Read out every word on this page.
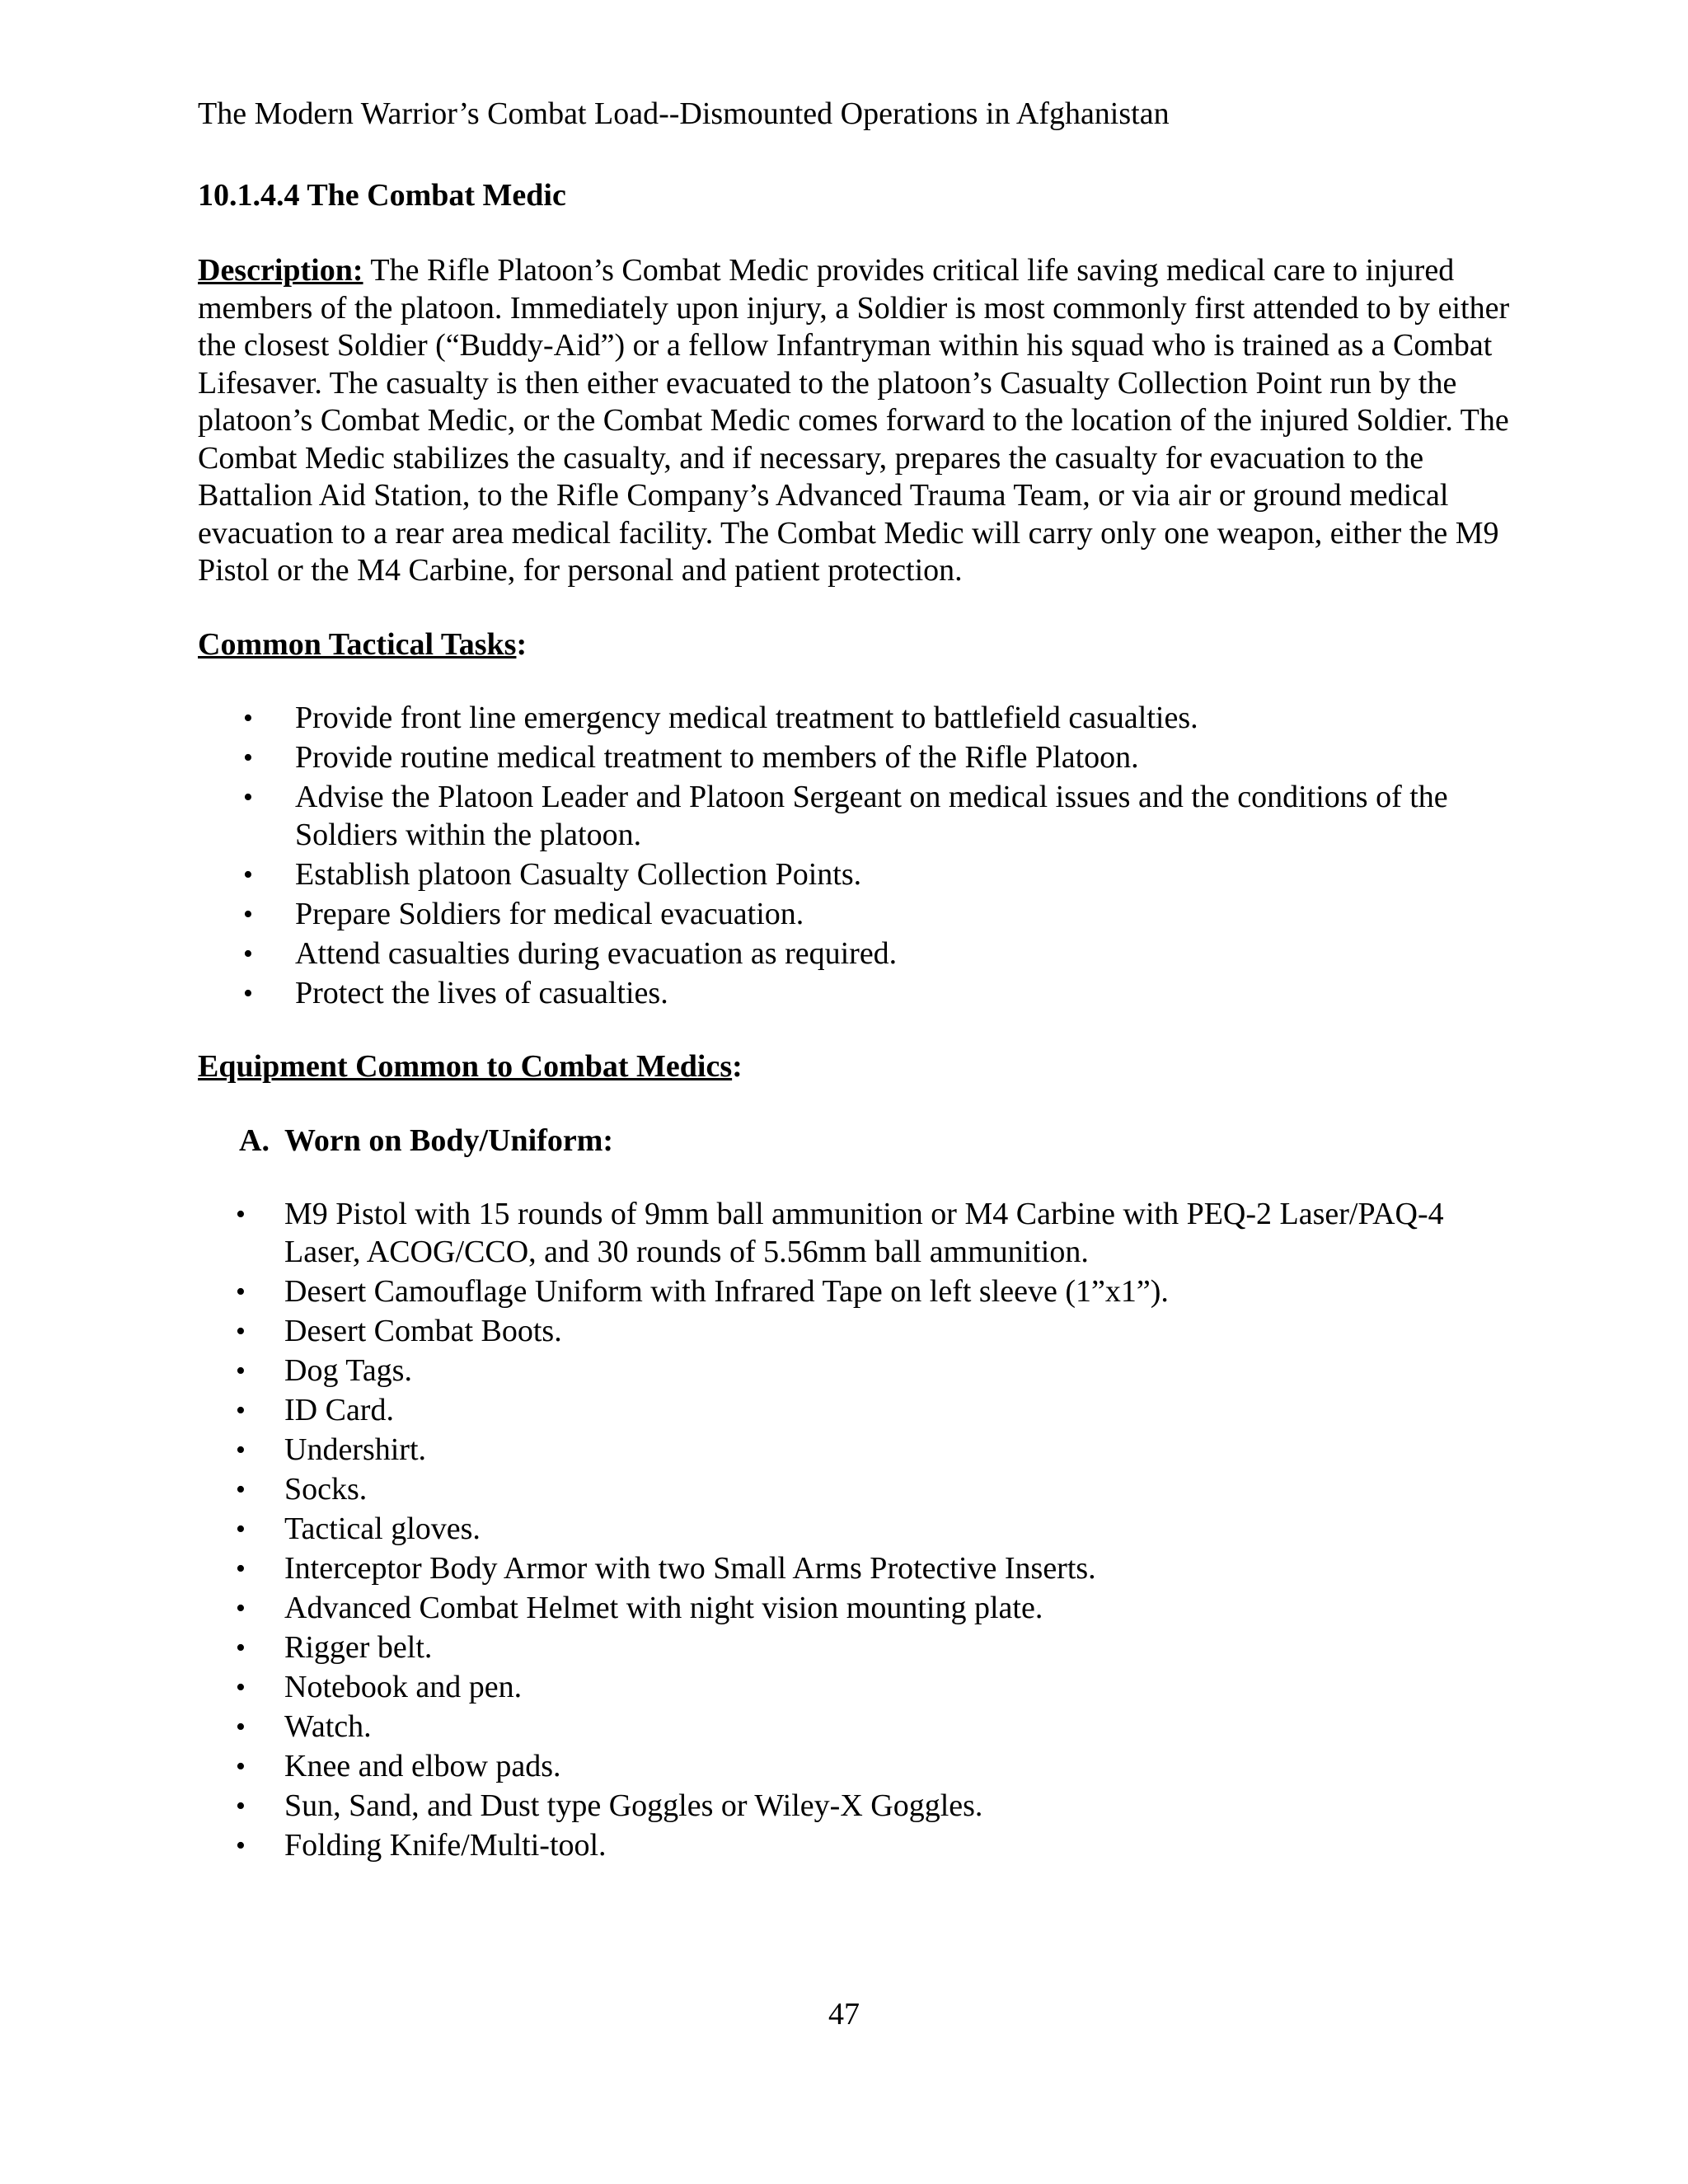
The Modern Warrior’s Combat Load--Dismounted Operations in Afghanistan
10.1.4.4 The Combat Medic

Description: The Rifle Platoon’s Combat Medic provides critical life saving medical care to injured members of the platoon. Immediately upon injury, a Soldier is most commonly first attended to by either the closest Soldier (“Buddy-Aid”) or a fellow Infantryman within his squad who is trained as a Combat Lifesaver. The casualty is then either evacuated to the platoon’s Casualty Collection Point run by the platoon’s Combat Medic, or the Combat Medic comes forward to the location of the injured Soldier. The Combat Medic stabilizes the casualty, and if necessary, prepares the casualty for evacuation to the Battalion Aid Station, to the Rifle Company’s Advanced Trauma Team, or via air or ground medical evacuation to a rear area medical facility. The Combat Medic will carry only one weapon, either the M9 Pistol or the M4 Carbine, for personal and patient protection.

Common Tactical Tasks:
• Provide front line emergency medical treatment to battlefield casualties.
• Provide routine medical treatment to members of the Rifle Platoon.
• Advise the Platoon Leader and Platoon Sergeant on medical issues and the conditions of the Soldiers within the platoon.
• Establish platoon Casualty Collection Points.
• Prepare Soldiers for medical evacuation.
• Attend casualties during evacuation as required.
• Protect the lives of casualties.
Equipment Common to Combat Medics:
A. Worn on Body/Uniform:
• M9 Pistol with 15 rounds of 9mm ball ammunition or M4 Carbine with PEQ-2 Laser/PAQ-4 Laser, ACOG/CCO, and 30 rounds of 5.56mm ball ammunition.
• Desert Camouflage Uniform with Infrared Tape on left sleeve (1”x1”).
• Desert Combat Boots.
• Dog Tags.
• ID Card.
• Undershirt.
• Socks.
• Tactical gloves.
• Interceptor Body Armor with two Small Arms Protective Inserts.
• Advanced Combat Helmet with night vision mounting plate.
• Rigger belt.
• Notebook and pen.
• Watch.
• Knee and elbow pads.
• Sun, Sand, and Dust type Goggles or Wiley-X Goggles.
• Folding Knife/Multi-tool.
47
